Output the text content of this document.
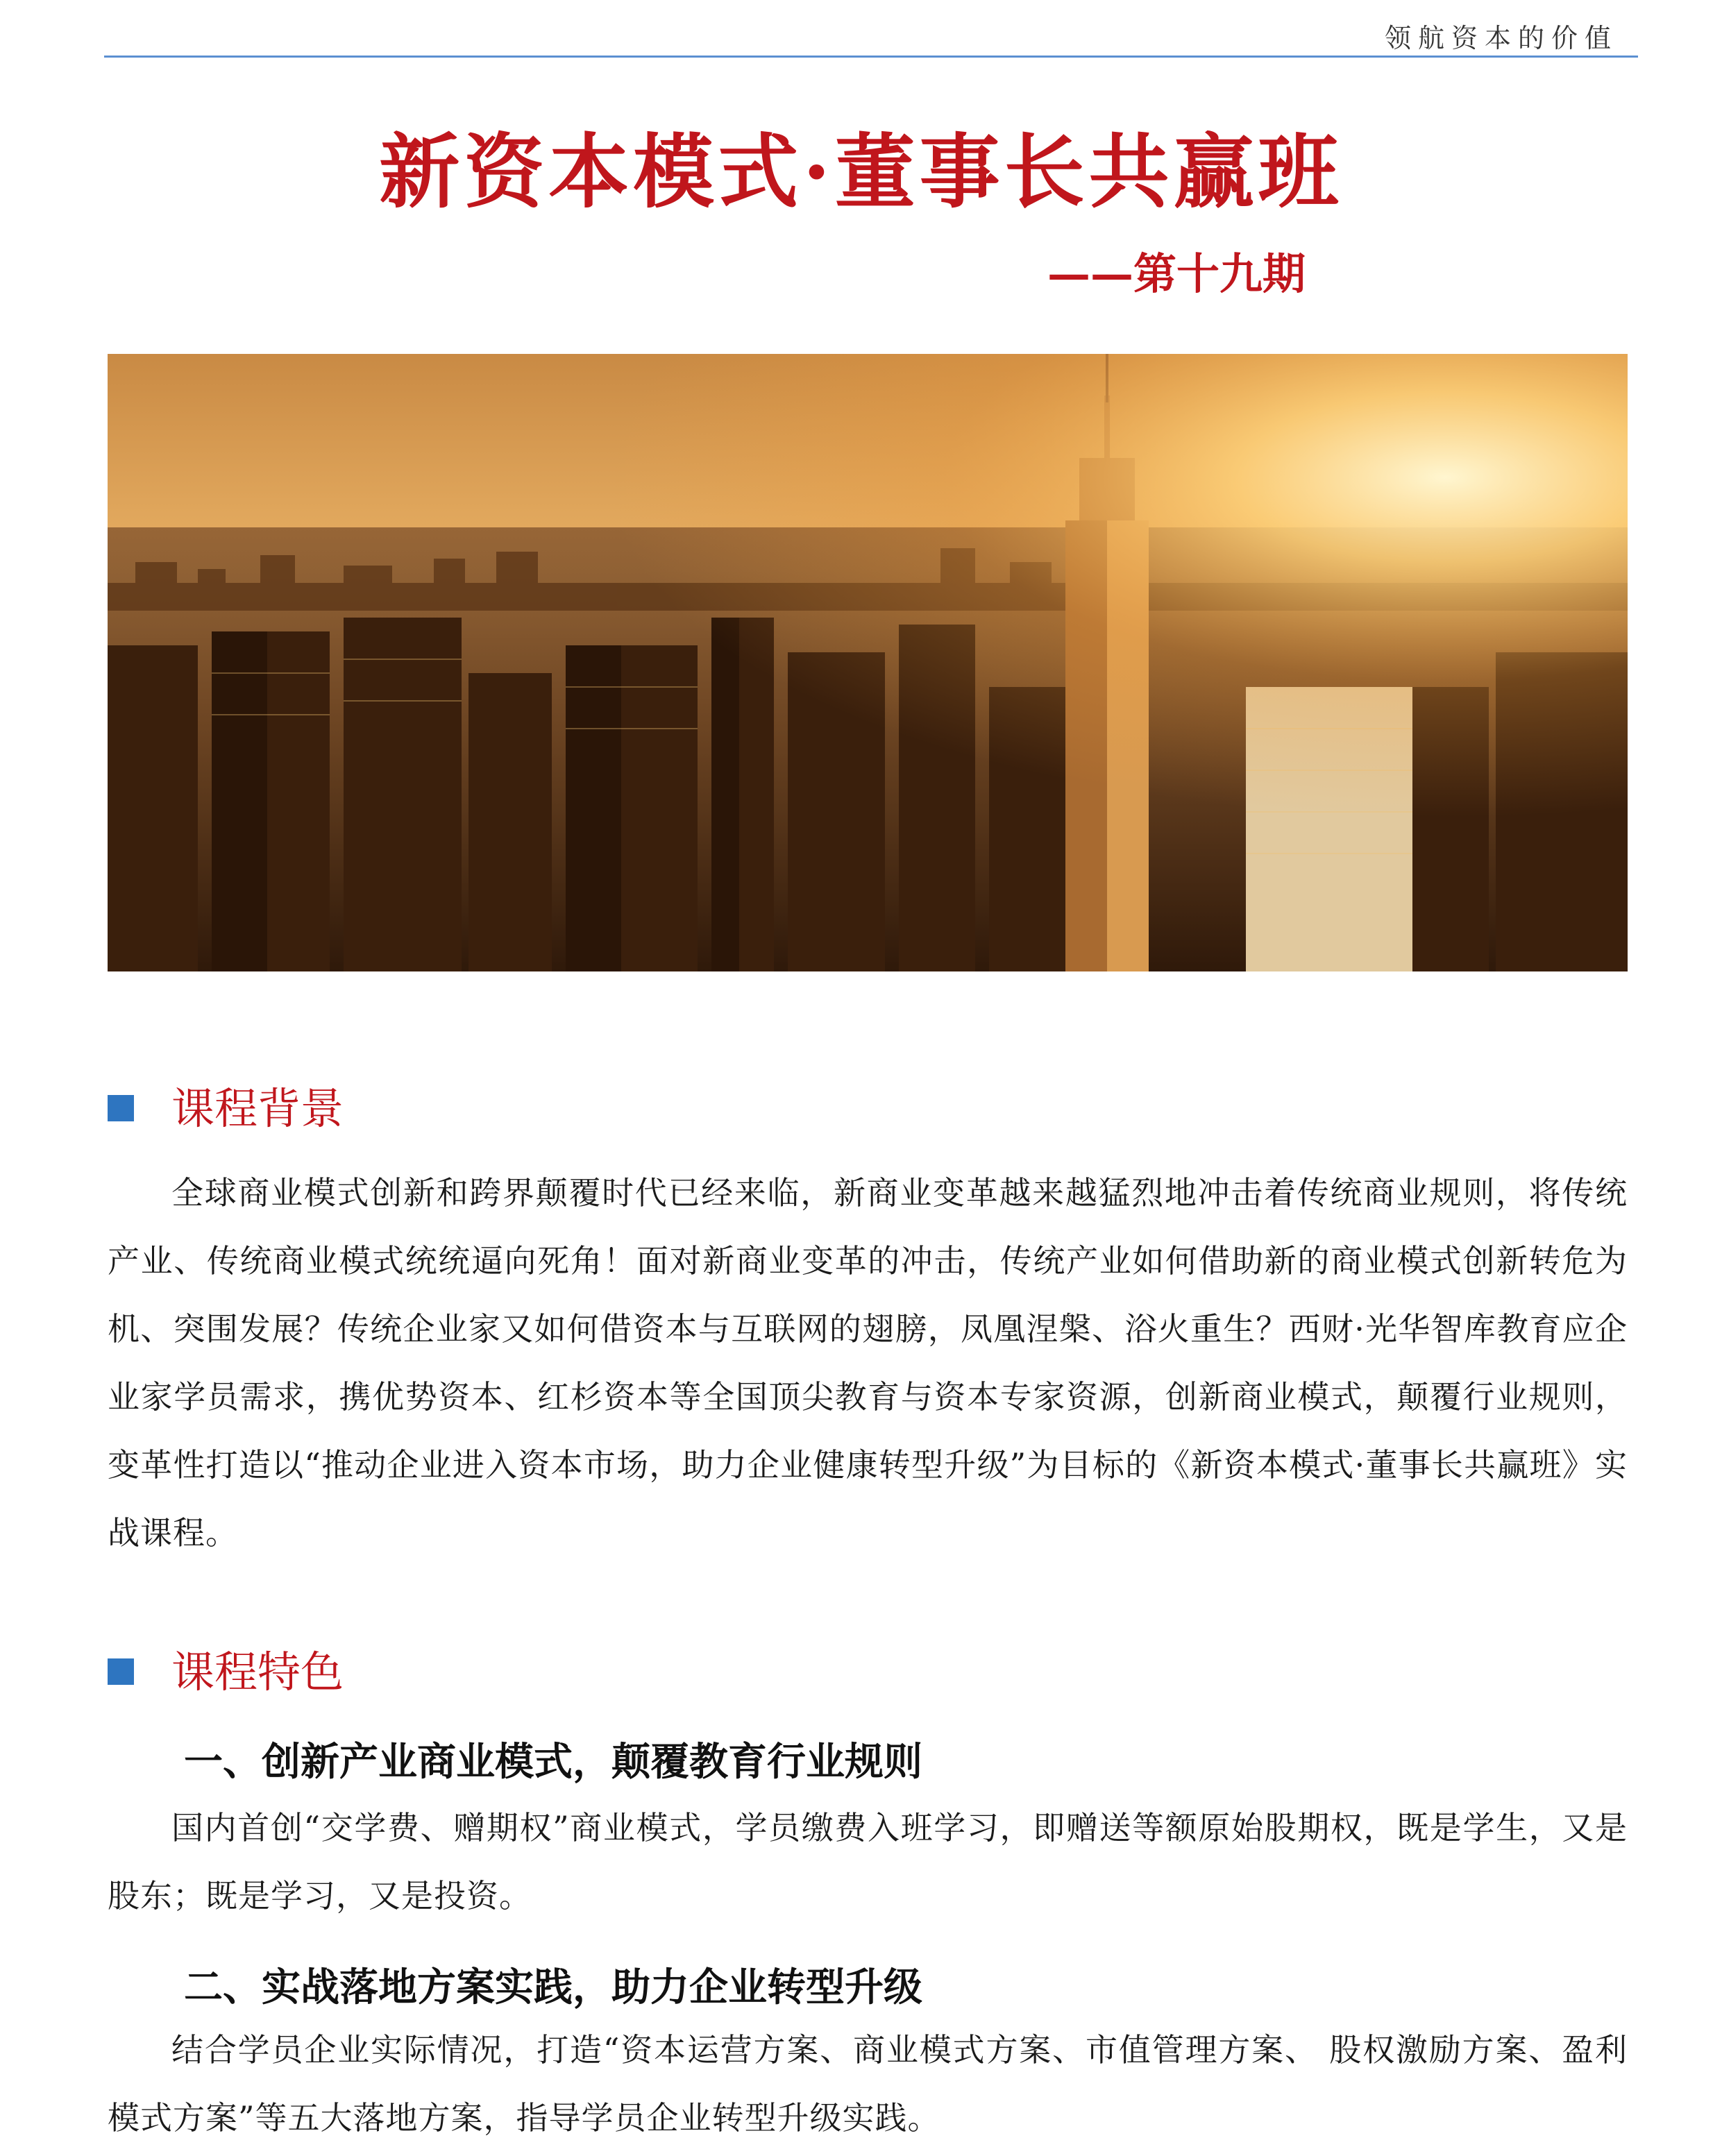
领航资本的价值
新资本模式·董事长共赢班
——第十九期
课程背景
全球商业模式创新和跨界颠覆时代已经来临，新商业变革越来越猛烈地冲击着传统商业规则，将传统产业、传统商业模式统统逼向死角！面对新商业变革的冲击，传统产业如何借助新的商业模式创新转危为机、突围发展？传统企业家又如何借资本与互联网的翅膀，凤凰涅槃、浴火重生？西财·光华智库教育应企业家学员需求，携优势资本、红杉资本等全国顶尖教育与资本专家资源，创新商业模式，颠覆行业规则，变革性打造以“推动企业进入资本市场，助力企业健康转型升级”为目标的《新资本模式·董事长共赢班》实战课程。
课程特色
一、创新产业商业模式，颠覆教育行业规则
国内首创“交学费、赠期权”商业模式，学员缴费入班学习，即赠送等额原始股期权，既是学生，又是股东；既是学习，又是投资。
二、实战落地方案实践，助力企业转型升级
结合学员企业实际情况，打造“资本运营方案、商业模式方案、市值管理方案、 股权激励方案、盈利模式方案”等五大落地方案，指导学员企业转型升级实践。
